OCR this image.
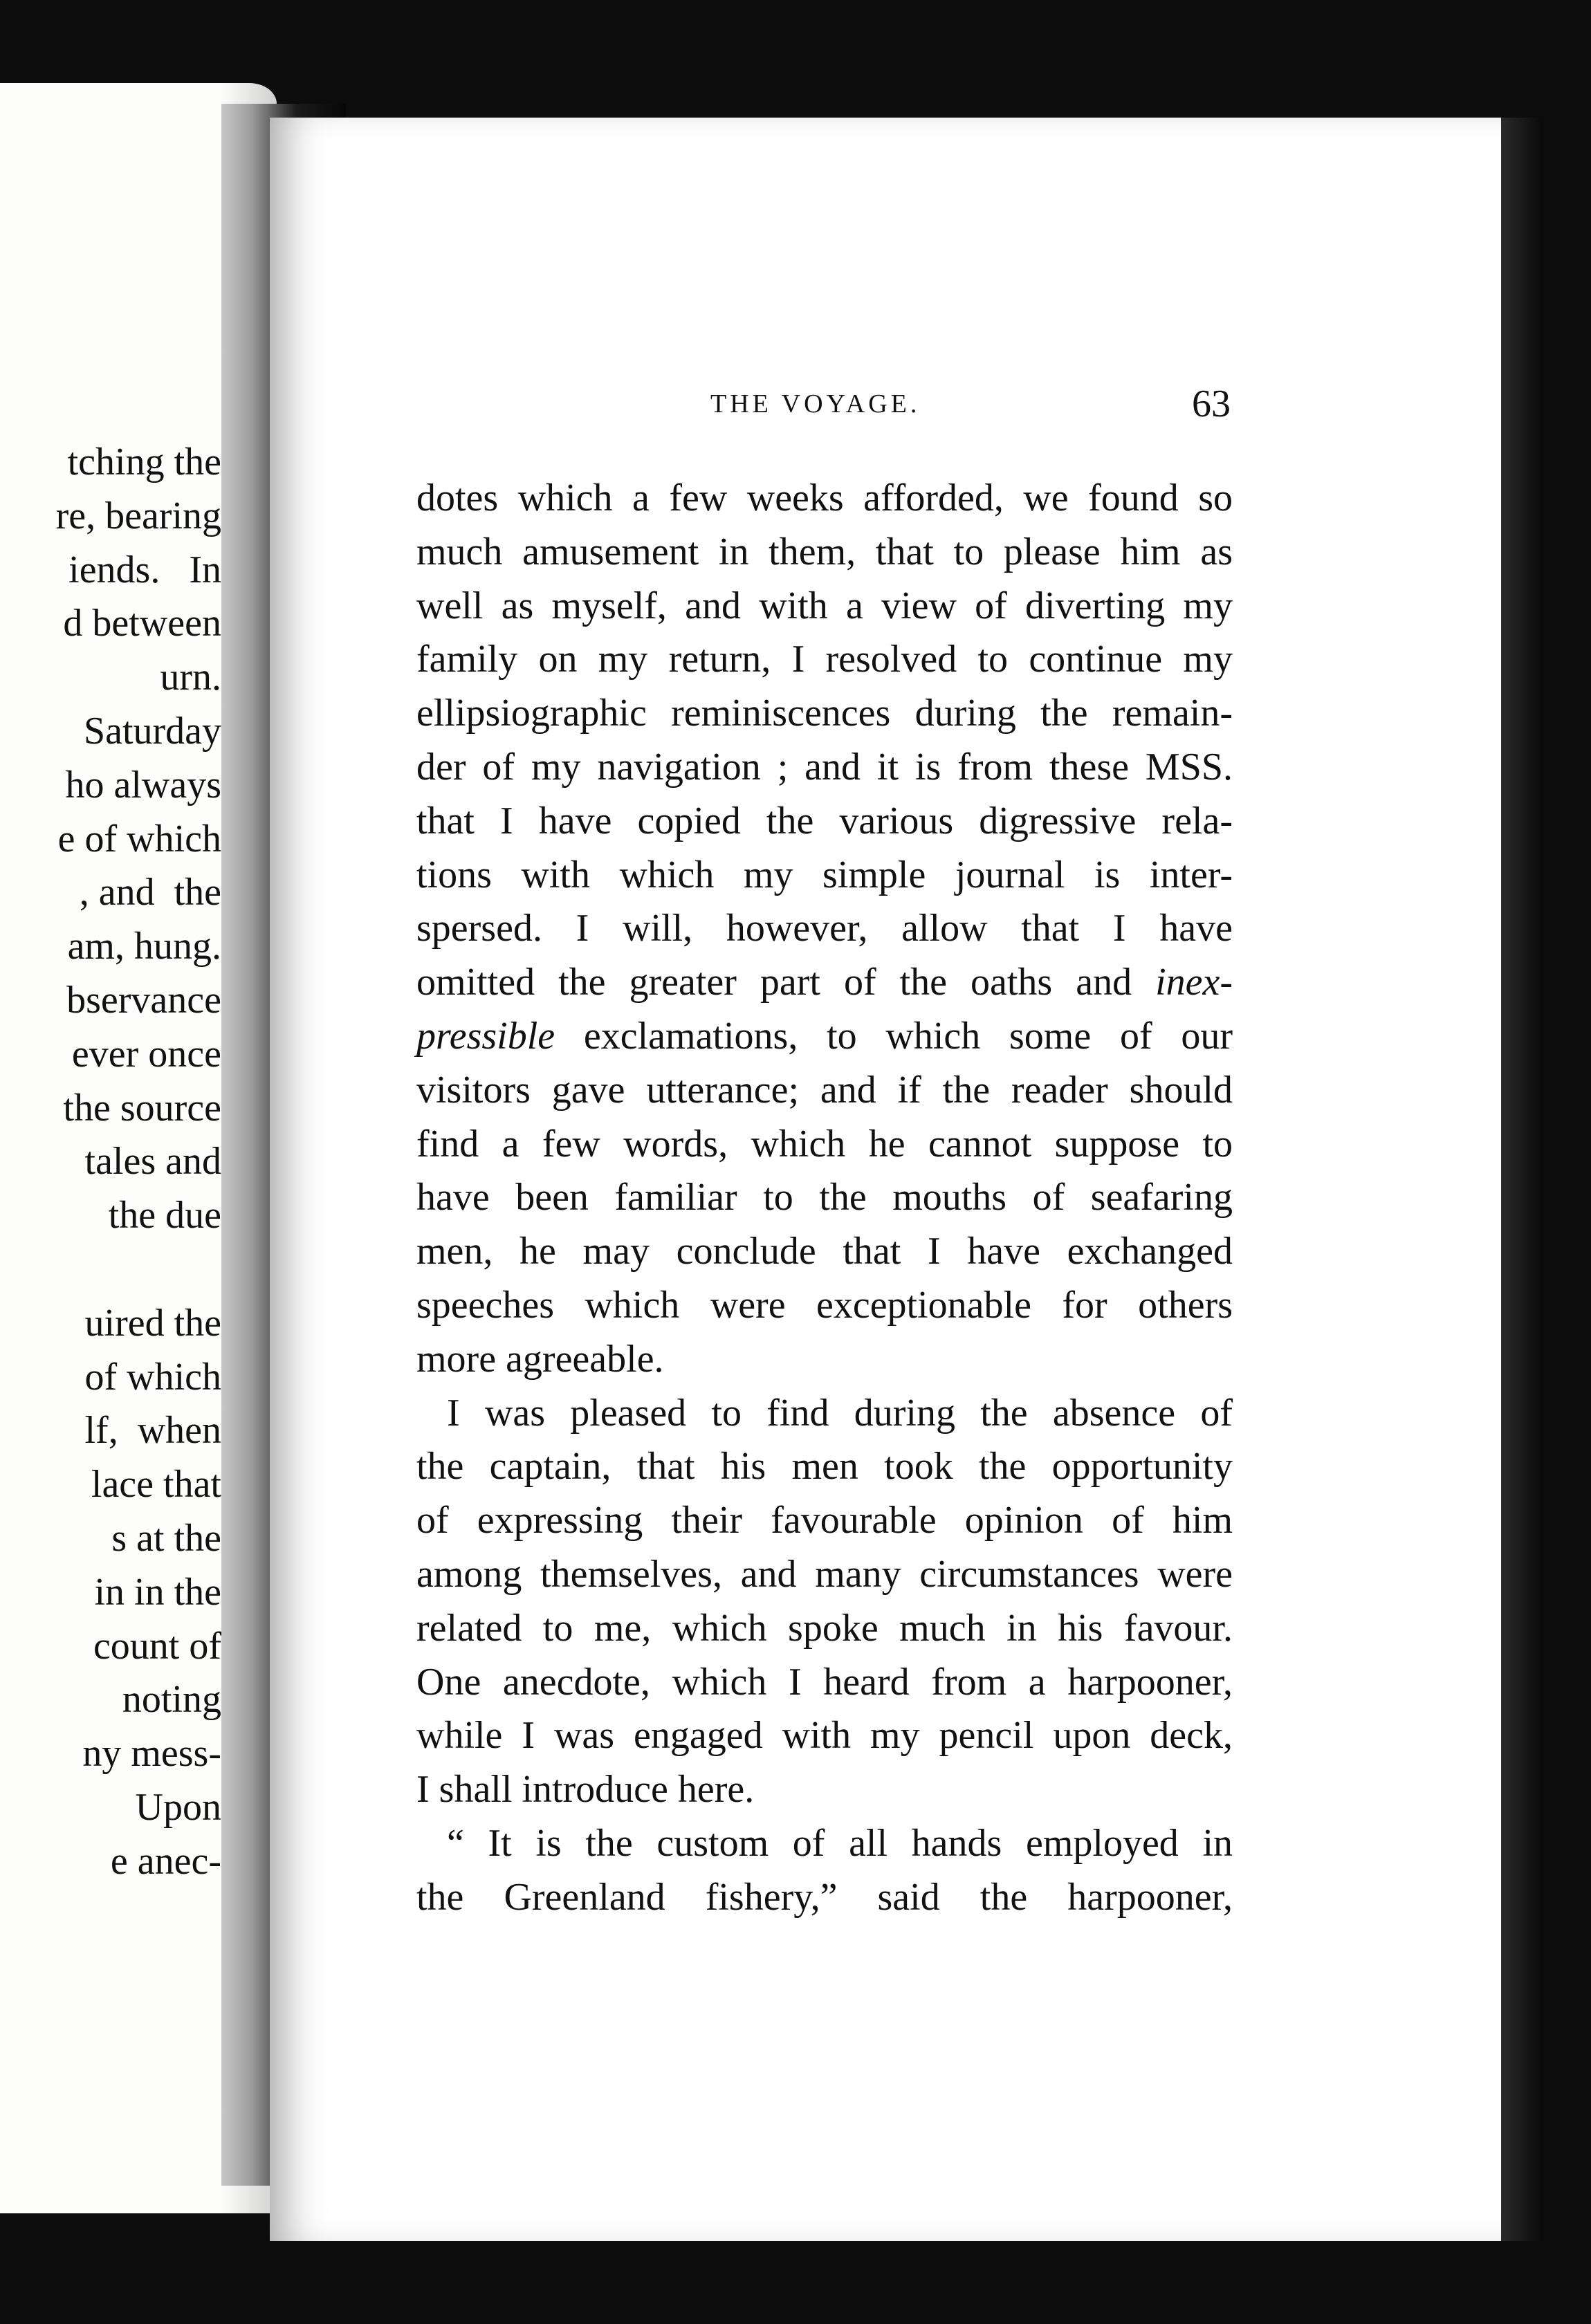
tching the
re, bearing
iends.   In
d between
urn.
Saturday
ho always
e of which
, and  the
am, hung.
bservance
ever once
the source
tales and
the due
uired the
of which
lf,  when
lace that
s at the
in in the
count of
noting
ny mess-
Upon
e anec-
THE VOYAGE.	63
dotes which a few weeks afforded, we found so
much amusement in them, that to please him as
well as myself, and with a view of diverting my
family on my return, I resolved to continue my
ellipsiographic reminiscences during the remain-
der of my navigation ; and it is from these MSS.
that I have copied the various digressive rela-
tions with which my simple journal is inter-
spersed. I will, however, allow that I have
omitted the greater part of the oaths and inex-
pressible exclamations, to which some of our
visitors gave utterance; and if the reader should
find a few words, which he cannot suppose to
have been familiar to the mouths of seafaring
men, he may conclude that I have exchanged
speeches which were exceptionable for others
more agreeable.
I was pleased to find during the absence of
the captain, that his men took the opportunity
of expressing their favourable opinion of him
among themselves, and many circumstances were
related to me, which spoke much in his favour.
One anecdote, which I heard from a harpooner,
while I was engaged with my pencil upon deck,
I shall introduce here.
“ It is the custom of all hands employed in
the Greenland fishery,” said the harpooner,
